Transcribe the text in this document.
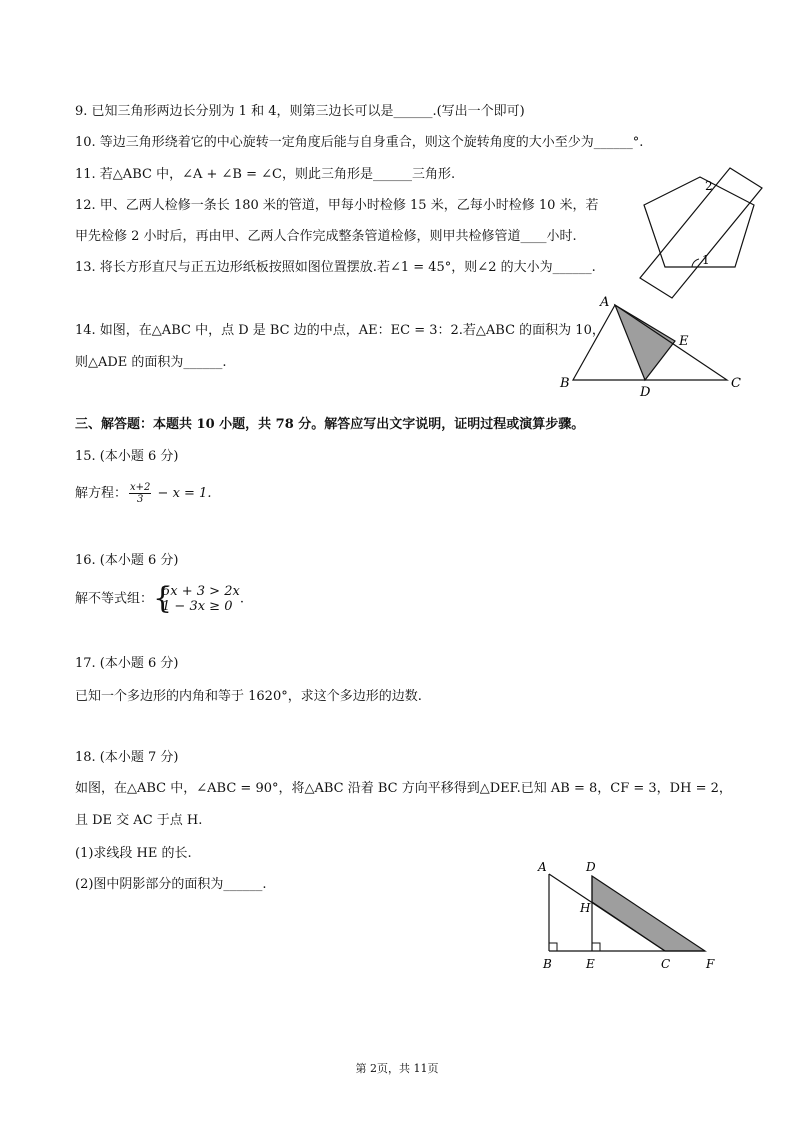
9. 已知三角形两边长分别为 1 和 4，则第三边长可以是______.(写出一个即可)
10. 等边三角形绕着它的中心旋转一定角度后能与自身重合，则这个旋转角度的大小至少为______°.
11. 若△ABC 中，∠A + ∠B = ∠C，则此三角形是______三角形.
12. 甲、乙两人检修一条长 180 米的管道，甲每小时检修 15 米，乙每小时检修 10 米，若
甲先检修 2 小时后，再由甲、乙两人合作完成整条管道检修，则甲共检修管道____小时.
13. 将长方形直尺与正五边形纸板按照如图位置摆放.若∠1 = 45°，则∠2 的大小为______.	1
2
14. 如图，在△ABC 中，点 D 是 BC 边的中点，AE：EC = 3：2.若△ABC 的面积为 10，
则△ADE 的面积为______.
A
B	C
D
E
三、解答题：本题共 10 小题，共 78 分。解答应写出文字说明，证明过程或演算步骤。
15. (本小题 6 分)
解方程： $\frac{x+2}{3} - x = 1$.
16. (本小题 6 分)
解不等式组： {
5x + 3 > 2x
1 − 3x ≥ 0 .
17. (本小题 6 分)
已知一个多边形的内角和等于 1620°，求这个多边形的边数.
18. (本小题 7 分)
如图，在△ABC 中，∠ABC = 90°，将△ABC 沿着 BC 方向平移得到△DEF.已知 AB = 8，CF = 3，DH = 2，
且 DE 交 AC 于点 H.
(1)求线段 HE 的长.
(2)图中阴影部分的面积为______.
A	D
H
B	E	C	F
第 2页，共 11页
